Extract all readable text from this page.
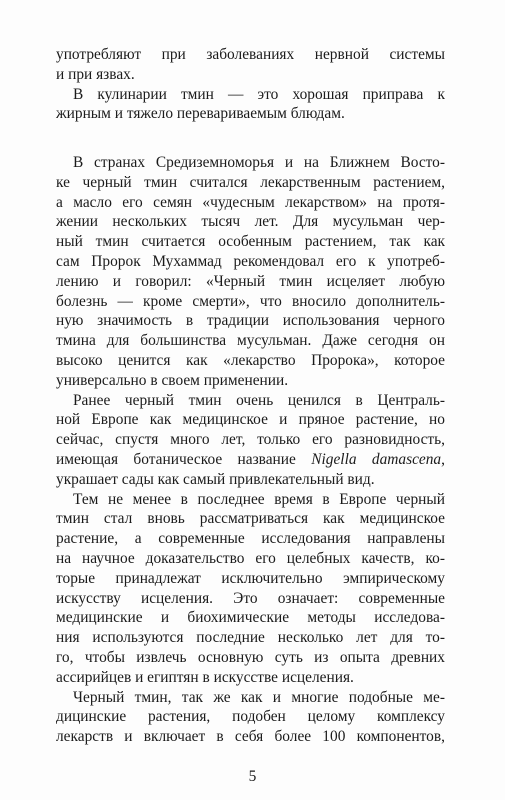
употребляют при заболеваниях нервной системы
и при язвах.

В кулинарии тмин — это хорошая приправа к
жирным и тяжело перевариваемым блюдам.

В странах Средиземноморья и на Ближнем Восто-
ке черный тмин считался лекарственным растением,
а масло его семян «чудесным лекарством» на протя-
жении нескольких тысяч лет. Для мусульман чер-
ный тмин считается особенным растением, так как
сам Пророк Мухаммад рекомендовал его к употреб-
лению и говорил: «Черный тмин исцеляет любую
болезнь — кроме смерти», что вносило дополнитель-
ную значимость в традиции использования черного
тмина для большинства мусульман. Даже сегодня он
высоко ценится как «лекарство Пророка», которое
универсально в своем применении.

Ранее черный тмин очень ценился в Централь-
ной Европе как медицинское и пряное растение, но
сейчас, спустя много лет, только его разновидность,
имеющая ботаническое название Nigella damascena,
украшает сады как самый привлекательный вид.

Тем не менее в последнее время в Европе черный
тмин стал вновь рассматриваться как медицинское
растение, а современные исследования направлены
на научное доказательство его целебных качеств, ко-
торые принадлежат исключительно эмпирическому
искусству исцеления. Это означает: современные
медицинские и биохимические методы исследова-
ния используются последние несколько лет для то-
го, чтобы извлечь основную суть из опыта древних
ассирийцев и египтян в искусстве исцеления.

Черный тмин, так же как и многие подобные ме-
дицинские растения, подобен целому комплексу
лекарств и включает в себя более 100 компонентов,

5
